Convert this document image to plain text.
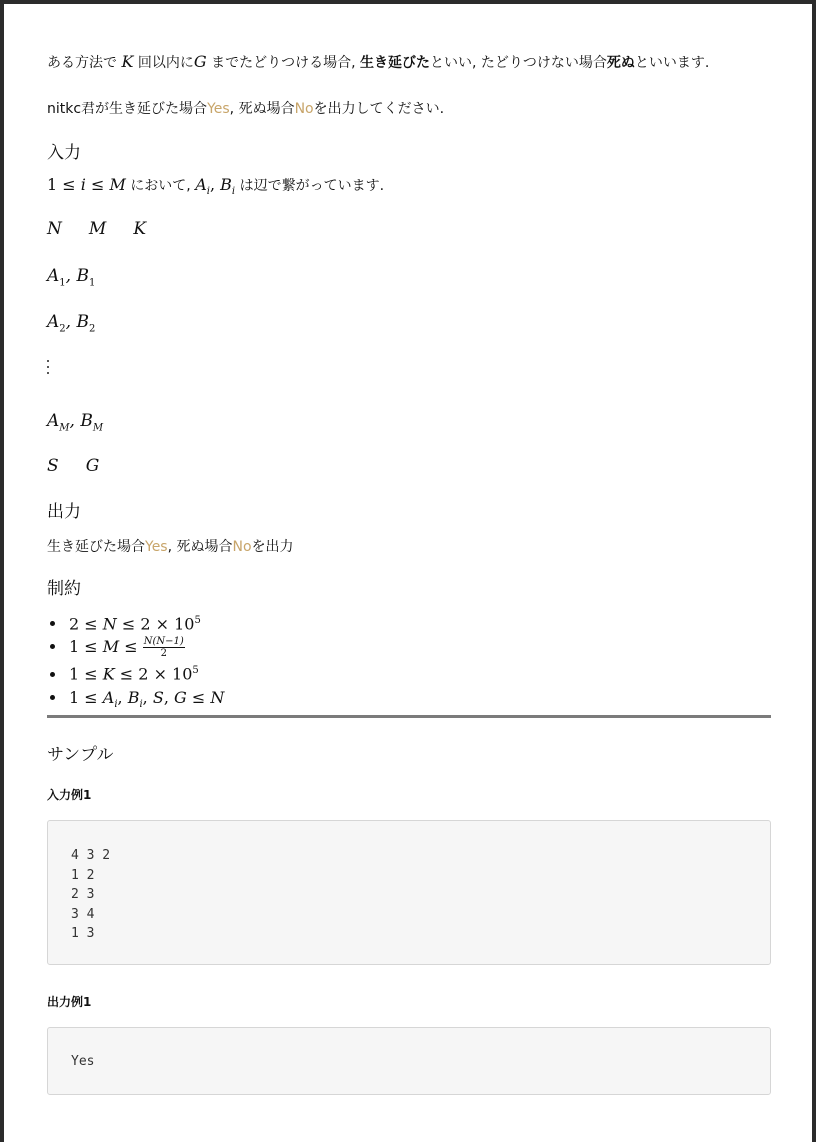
ある方法で K 回以内にG までたどりつける場合, 生き延びたといい, たどりつけない場合死ぬといいます.
nitkc君が生き延びた場合Yes, 死ぬ場合Noを出力してください.
入力
1 ≤ i ≤ M において, $A_i$, $B_i$ は辺で繋がっています.
N M K
$A_1$, $B_1$
$A_2$, $B_2$
$A_M$, $B_M$
S G
出力
生き延びた場合Yes, 死ぬ場合Noを出力
制約
• $2 \le N \le 2 \times 10^5$
• $1 \le M \le \frac{N(N-1)}{2}$
• $1 \le K \le 2 \times 10^5$
• $1 \le A_i$, $B_i$, S, G ≤ N
サンプル
入力例1
4 3 2
1 2
2 3
3 4
1 3
出力例1
Yes
